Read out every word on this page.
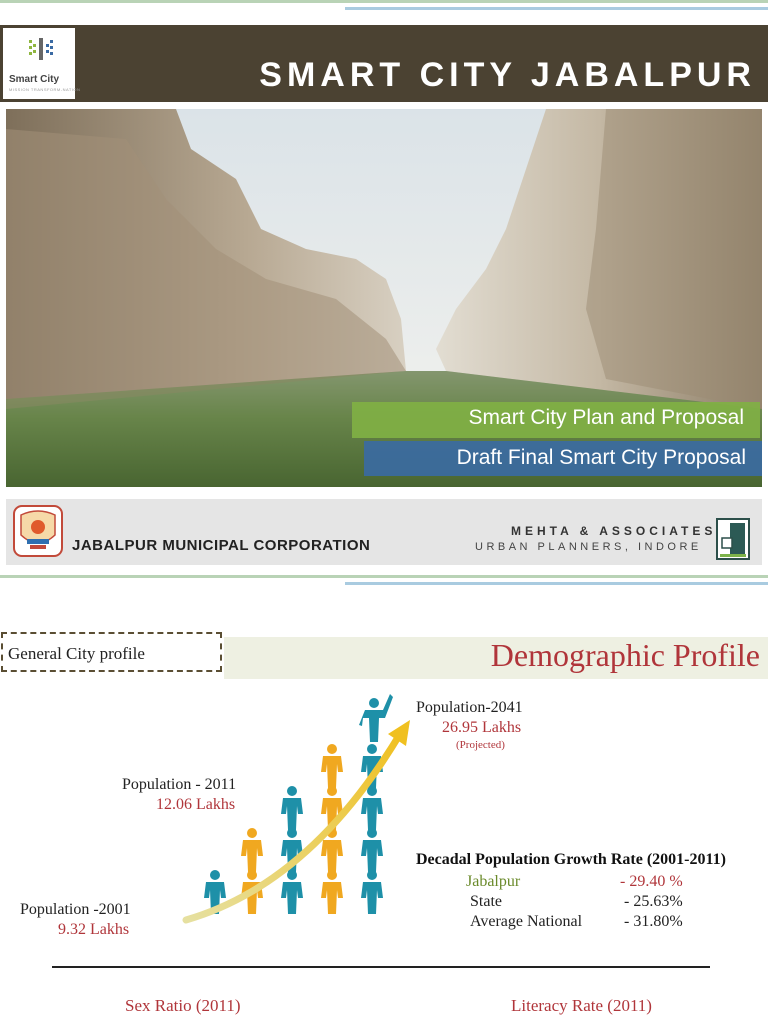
Smart City
MISSION TRANSFORM-NATION	SMART CITY JABALPUR
Smart City Plan and Proposal
Draft Final Smart City Proposal
JABALPUR MUNICIPAL CORPORATION
MEHTA & ASSOCIATES
URBAN PLANNERS, INDORE
General City profile	Demographic Profile
Population -2001
9.32 Lakhs
Population - 2011
12.06 Lakhs
Population-2041
26.95 Lakhs
(Projected)
Decadal Population Growth Rate (2001-2011)
Jabalpur	- 29.40 %
State	- 25.63%
Average National	- 31.80%
Sex Ratio (2011)	Literacy Rate (2011)
